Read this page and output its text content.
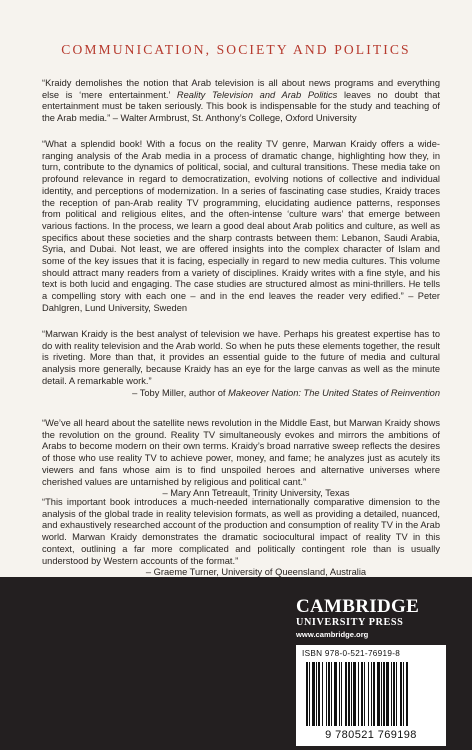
COMMUNICATION, SOCIETY AND POLITICS

“Kraidy demolishes the notion that Arab television is all about news programs and everything else is ‘mere entertainment.’ Reality Television and Arab Politics leaves no doubt that entertainment must be taken seriously. This book is indispensable for the study and teaching of the Arab media.” – Walter Armbrust, St. Anthony’s College, Oxford University

“What a splendid book! With a focus on the reality TV genre, Marwan Kraidy offers a wide-ranging analysis of the Arab media in a process of dramatic change, highlighting how they, in turn, contribute to the dynamics of political, social, and cultural transitions. These media take on profound relevance in regard to democratization, evolving notions of collective and individual identity, and perceptions of modernization. In a series of fascinating case studies, Kraidy traces the reception of pan-Arab reality TV programming, elucidating audience patterns, responses from political and religious elites, and the often-intense ‘culture wars’ that emerge between various factions. In the process, we learn a good deal about Arab politics and culture, as well as specifics about these societies and the sharp contrasts between them: Lebanon, Saudi Arabia, Syria, and Dubai. Not least, we are offered insights into the complex character of Islam and some of the key issues that it is facing, especially in regard to new media cultures. This volume should attract many readers from a variety of disciplines. Kraidy writes with a fine style, and his text is both lucid and engaging. The case studies are structured almost as mini-thrillers. He tells a compelling story with each one – and in the end leaves the reader very edified.” – Peter Dahlgren, Lund University, Sweden

“Marwan Kraidy is the best analyst of television we have. Perhaps his greatest expertise has to do with reality television and the Arab world. So when he puts these elements together, the result is riveting. More than that, it provides an essential guide to the future of media and cultural analysis more generally, because Kraidy has an eye for the large canvas as well as the minute detail. A remarkable work.”
– Toby Miller, author of Makeover Nation: The United States of Reinvention
“We’ve all heard about the satellite news revolution in the Middle East, but Marwan Kraidy shows the revolution on the ground. Reality TV simultaneously evokes and mirrors the ambitions of Arabs to become modern on their own terms. Kraidy’s broad narrative sweep reflects the desires of those who use reality TV to achieve power, money, and fame; he analyzes just as acutely its viewers and fans whose aim is to find unspoiled heroes and alternative universes where cherished values are untarnished by religious and political cant.”
– Mary Ann Tetreault, Trinity University, Texas
“This important book introduces a much-needed internationally comparative dimension to the analysis of the global trade in reality television formats, as well as providing a detailed, nuanced, and exhaustively researched account of the production and consumption of reality TV in the Arab world. Marwan Kraidy demonstrates the dramatic sociocultural impact of reality TV in this context, outlining a far more complicated and politically contingent role than is usually understood by Western accounts of the format.”
– Graeme Turner, University of Queensland, Australia
CAMBRIDGE
UNIVERSITY PRESS
www.cambridge.org
ISBN 978-0-521-76919-8
9 780521 769198
